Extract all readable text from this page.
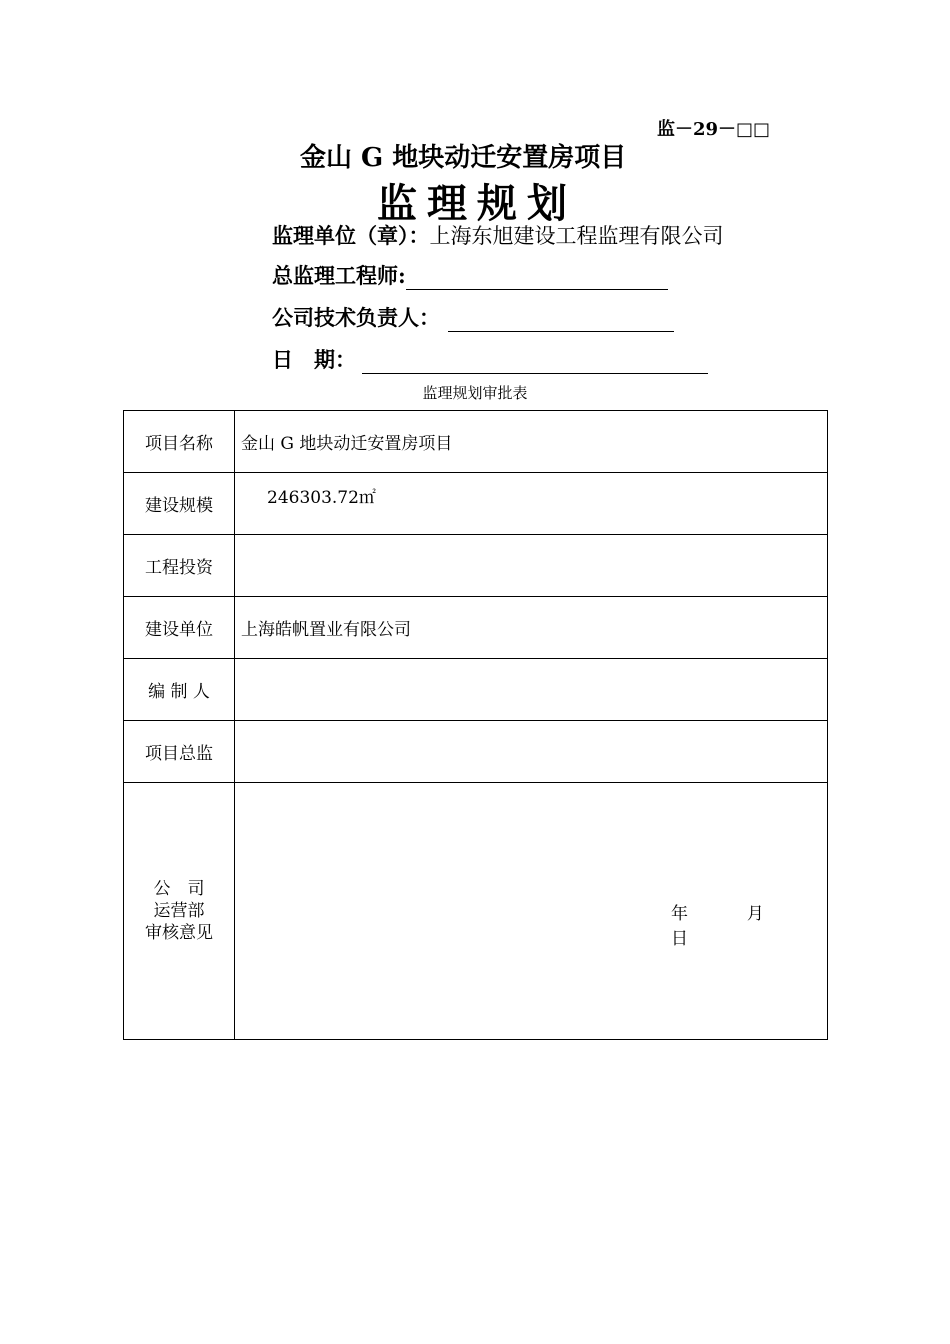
监－29－□□
金山 G 地块动迁安置房项目
监理规划
监理单位（章）： 上海东旭建设工程监理有限公司
总监理工程师:
公司技术负责人：
日　期：
监理规划审批表
项目名称	金山 G 地块动迁安置房项目
建设规模	246303.72㎡
工程投资	
建设单位	上海皓帆置业有限公司
编 制 人	
项目总监	

公　司
运营部
审核意见	年 月  日
